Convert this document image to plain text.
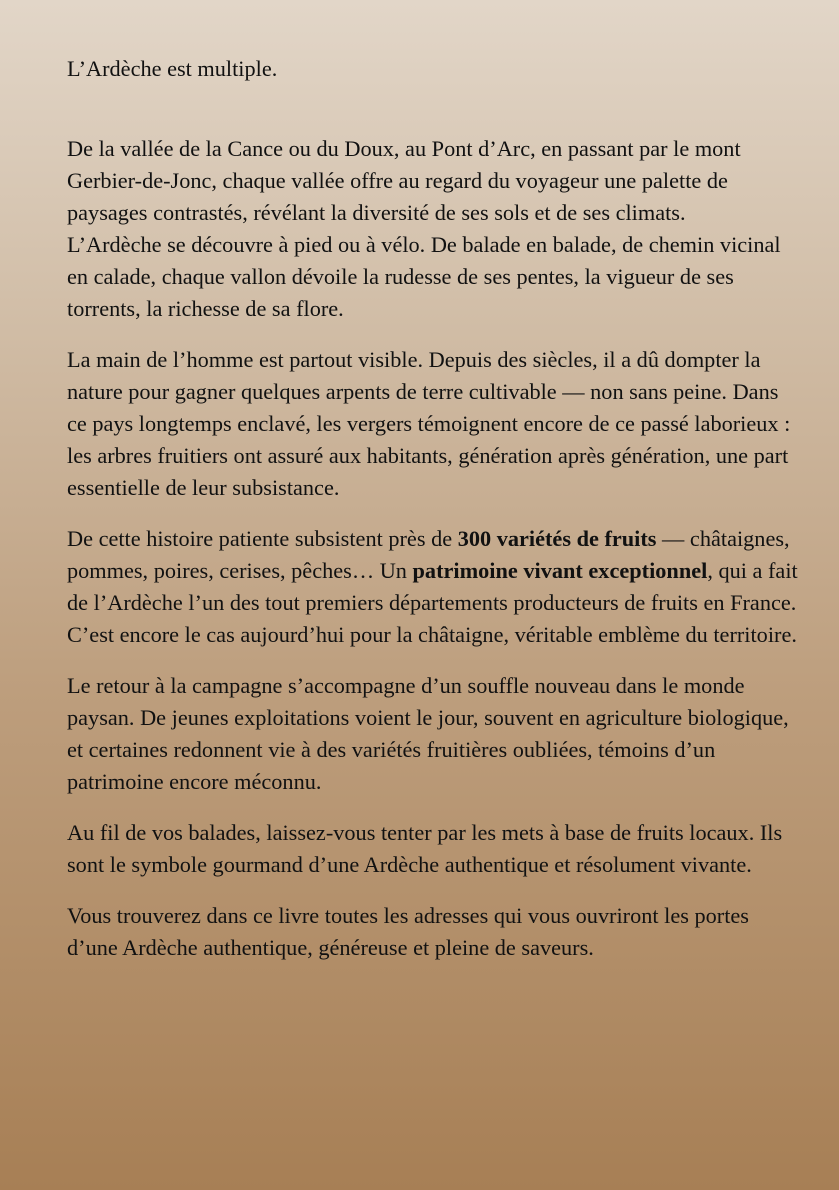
L’Ardèche est multiple.

De la vallée de la Cance ou du Doux, au Pont d’Arc, en passant par le mont Gerbier-de-Jonc, chaque vallée offre au regard du voyageur une palette de paysages contrastés, révélant la diversité de ses sols et de ses climats.
L’Ardèche se découvre à pied ou à vélo. De balade en balade, de chemin vicinal en calade, chaque vallon dévoile la rudesse de ses pentes, la vigueur de ses torrents, la richesse de sa flore.

La main de l’homme est partout visible. Depuis des siècles, il a dû dompter la nature pour gagner quelques arpents de terre cultivable — non sans peine. Dans ce pays longtemps enclavé, les vergers témoignent encore de ce passé laborieux : les arbres fruitiers ont assuré aux habitants, génération après génération, une part essentielle de leur subsistance.

De cette histoire patiente subsistent près de 300 variétés de fruits — châtaignes, pommes, poires, cerises, pêches… Un patrimoine vivant exceptionnel, qui a fait de l’Ardèche l’un des tout premiers départements producteurs de fruits en France. C’est encore le cas aujourd’hui pour la châtaigne, véritable emblème du territoire.

Le retour à la campagne s’accompagne d’un souffle nouveau dans le monde paysan. De jeunes exploitations voient le jour, souvent en agriculture biologique, et certaines redonnent vie à des variétés fruitières oubliées, témoins d’un patrimoine encore méconnu.

Au fil de vos balades, laissez-vous tenter par les mets à base de fruits locaux. Ils sont le symbole gourmand d’une Ardèche authentique et résolument vivante.

Vous trouverez dans ce livre toutes les adresses qui vous ouvriront les portes d’une Ardèche authentique, généreuse et pleine de saveurs.
